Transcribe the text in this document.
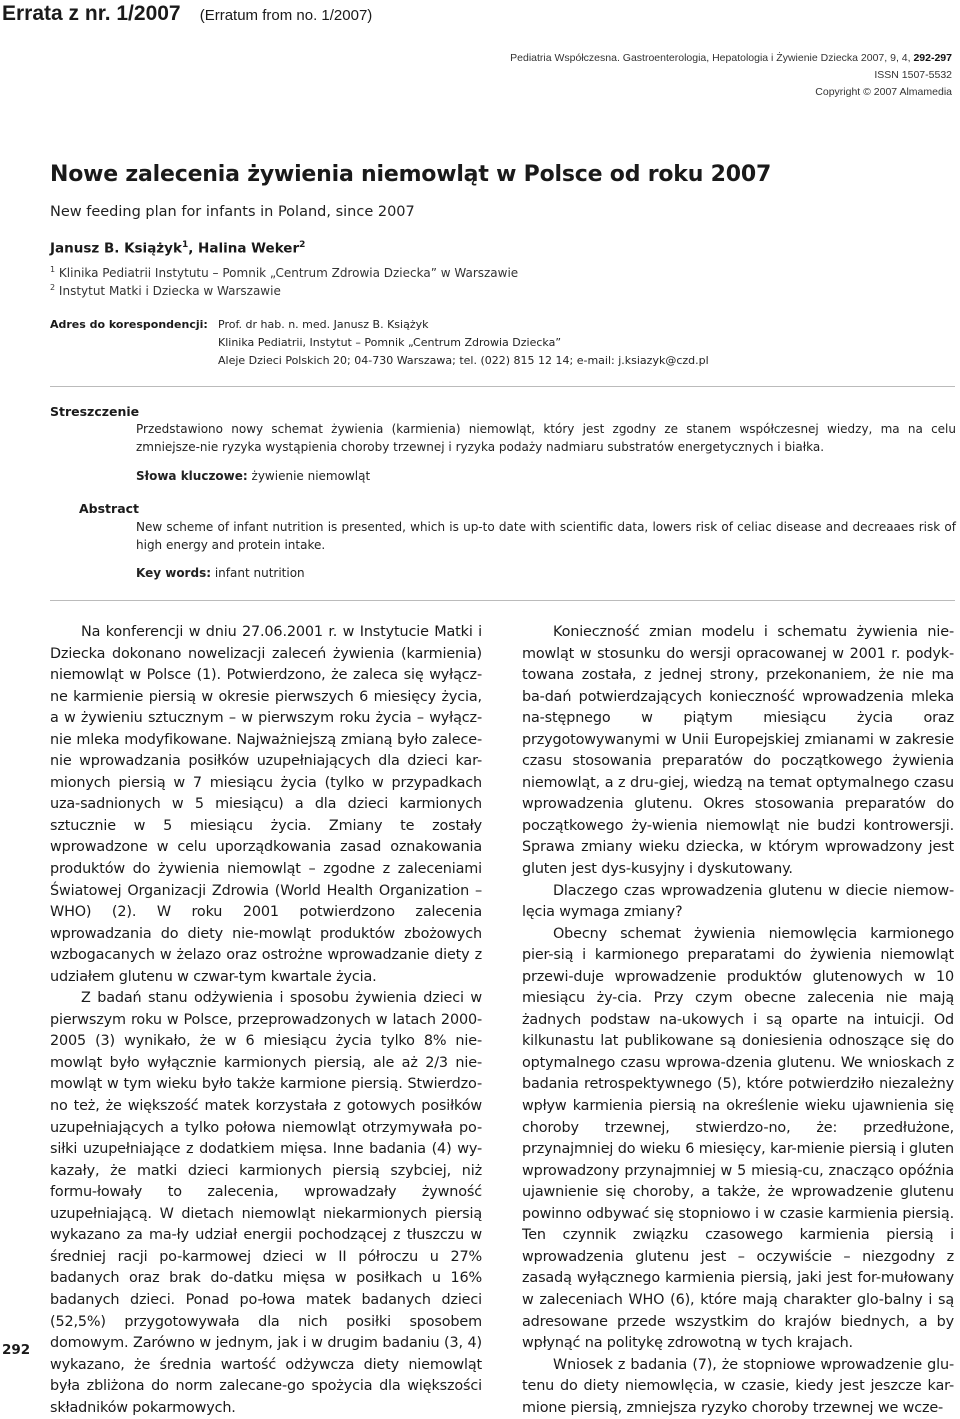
Errata z nr. 1/2007 (Erratum from no. 1/2007)
Pediatria Współczesna. Gastroenterologia, Hepatologia i Żywienie Dziecka 2007, 9, 4, 292-297
ISSN 1507-5532
Copyright © 2007 Almamedia
Nowe zalecenia żywienia niemowląt w Polsce od roku 2007
New feeding plan for infants in Poland, since 2007
Janusz B. Książyk$^1$, Halina Weker$^2$
$^1$ Klinika Pediatrii Instytutu – Pomnik „Centrum Zdrowia Dziecka” w Warszawie
$^2$ Instytut Matki i Dziecka w Warszawie
Adres do korespondencji: Prof. dr hab. n. med. Janusz B. Książyk
Klinika Pediatrii, Instytut – Pomnik „Centrum Zdrowia Dziecka”
Aleje Dzieci Polskich 20; 04-730 Warszawa; tel. (022) 815 12 14; e-mail: j.ksiazyk@czd.pl
Streszczenie
Przedstawiono nowy schemat żywienia (karmienia) niemowląt, który jest zgodny ze stanem współczesnej wiedzy, ma na celu zmniejsze-nie ryzyka wystąpienia choroby trzewnej i ryzyka podaży nadmiaru substratów energetycznych i białka.
Słowa kluczowe: żywienie niemowląt
Abstract
New scheme of infant nutrition is presented, which is up-to date with scientific data, lowers risk of celiac disease and decreaaes risk of high energy and protein intake.
Key words: infant nutrition

Na konferencji w dniu 27.06.2001 r. w Instytucie Matki i Dziecka dokonano nowelizacji zaleceń żywienia (karmienia) niemowląt w Polsce (1). Potwierdzono, że zaleca się wyłącz-ne karmienie piersią w okresie pierwszych 6 miesięcy życia, a w żywieniu sztucznym – w pierwszym roku życia – wyłącz-nie mleka modyfikowane. Najważniejszą zmianą było zalece-nie wprowadzania posiłków uzupełniających dla dzieci kar-mionych piersią w 7 miesiącu życia (tylko w przypadkach uza-sadnionych w 5 miesiącu) a dla dzieci karmionych sztucznie w 5 miesiącu życia. Zmiany te zostały wprowadzone w celu uporządkowania zasad oznakowania produktów do żywienia niemowląt – zgodne z zaleceniami Światowej Organizacji Zdrowia (World Health Organization – WHO) (2). W roku 2001 potwierdzono zalecenia wprowadzania do diety nie-mowląt produktów zbożowych wzbogacanych w żelazo oraz ostrożne wprowadzanie diety z udziałem glutenu w czwar-tym kwartale życia.

Z badań stanu odżywienia i sposobu żywienia dzieci w pierwszym roku w Polsce, przeprowadzonych w latach 2000-2005 (3) wynikało, że w 6 miesiącu życia tylko 8% nie-mowląt było wyłącznie karmionych piersią, ale aż 2/3 nie-mowląt w tym wieku było także karmione piersią. Stwierdzo-no też, że większość matek korzystała z gotowych posiłków uzupełniających a tylko połowa niemowląt otrzymywała po-siłki uzupełniające z dodatkiem mięsa. Inne badania (4) wy-kazały, że matki dzieci karmionych piersią szybciej, niż formu-łowały to zalecenia, wprowadzały żywność uzupełniającą. W dietach niemowląt niekarmionych piersią wykazano za ma-ły udział energii pochodzącej z tłuszczu w średniej racji po-karmowej dzieci w II półroczu u 27% badanych oraz brak do-datku mięsa w posiłkach u 16% badanych dzieci. Ponad po-łowa matek badanych dzieci (52,5%) przygotowywała dla nich posiłki sposobem domowym. Zarówno w jednym, jak i w drugim badaniu (3, 4) wykazano, że średnia wartość odżywcza diety niemowląt była zbliżona do norm zalecane-go spożycia dla większości składników pokarmowych.

Konieczność zmian modelu i schematu żywienia nie-mowląt w stosunku do wersji opracowanej w 2001 r. podyk-towana została, z jednej strony, przekonaniem, że nie ma ba-dań potwierdzających konieczność wprowadzenia mleka na-stępnego w piątym miesiącu życia oraz przygotowywanymi w Unii Europejskiej zmianami w zakresie czasu stosowania preparatów do początkowego żywienia niemowląt, a z dru-giej, wiedzą na temat optymalnego czasu wprowadzenia glutenu. Okres stosowania preparatów do początkowego ży-wienia niemowląt nie budzi kontrowersji. Sprawa zmiany wieku dziecka, w którym wprowadzony jest gluten jest dys-kusyjny i dyskutowany.

Dlaczego czas wprowadzenia glutenu w diecie niemow-lęcia wymaga zmiany?

Obecny schemat żywienia niemowlęcia karmionego pier-sią i karmionego preparatami do żywienia niemowląt przewi-duje wprowadzenie produktów glutenowych w 10 miesiącu ży-cia. Przy czym obecne zalecenia nie mają żadnych podstaw na-ukowych i są oparte na intuicji. Od kilkunastu lat publikowane są doniesienia odnoszące się do optymalnego czasu wprowa-dzenia glutenu. We wnioskach z badania retrospektywnego (5), które potwierdziło niezależny wpływ karmienia piersią na określenie wieku ujawnienia się choroby trzewnej, stwierdzo-no, że: przedłużone, przynajmniej do wieku 6 miesięcy, kar-mienie piersią i gluten wprowadzony przynajmniej w 5 miesią-cu, znacząco opóźnia ujawnienie się choroby, a także, że wprowadzenie glutenu powinno odbywać się stopniowo i w czasie karmienia piersią. Ten czynnik związku czasowego karmienia piersią i wprowadzenia glutenu jest – oczywiście – niezgodny z zasadą wyłącznego karmienia piersią, jaki jest for-mułowany w zaleceniach WHO (6), które mają charakter glo-balny i są adresowane przede wszystkim do krajów biednych, a by wpłynąć na politykę zdrowotną w tych krajach.

Wniosek z badania (7), że stopniowe wprowadzenie glu-tenu do diety niemowlęcia, w czasie, kiedy jest jeszcze kar-mione piersią, zmniejsza ryzyko choroby trzewnej we wcze-

292
